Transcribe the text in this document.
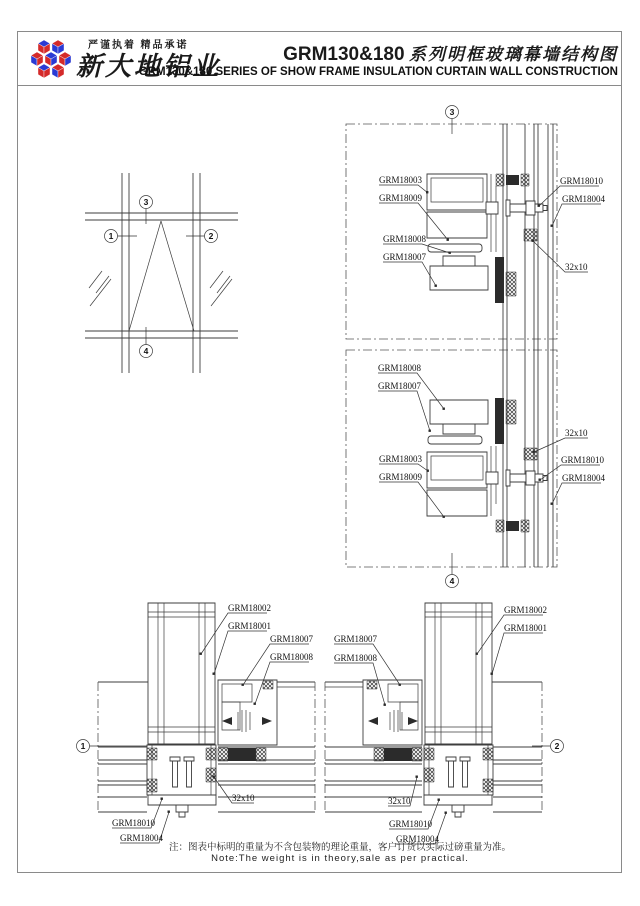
严谨执着 精品承诺
新大地铝业	GRM130&180 系列明框玻璃幕墙结构图
GRM130&180 SERIES OF SHOW FRAME INSULATION CURTAIN WALL CONSTRUCTION
1	2
3
4
3
4
GRM18003
GRM18009
GRM18008
GRM18007
GRM18010
GRM18004
32x10
GRM18008
GRM18007
GRM18003
GRM18009
32x10
GRM18010
GRM18004
1	2
GRM18002
GRM18001
GRM18007
GRM18008
32x10
GRM18010
GRM18004
GRM18007
GRM18008
GRM18002
GRM18001
32x10
GRM18010
GRM18004
注：图表中标明的重量为不含包装物的理论重量，客户订货以实际过磅重量为准。
Note:The weight is in theory,sale as per practical.
